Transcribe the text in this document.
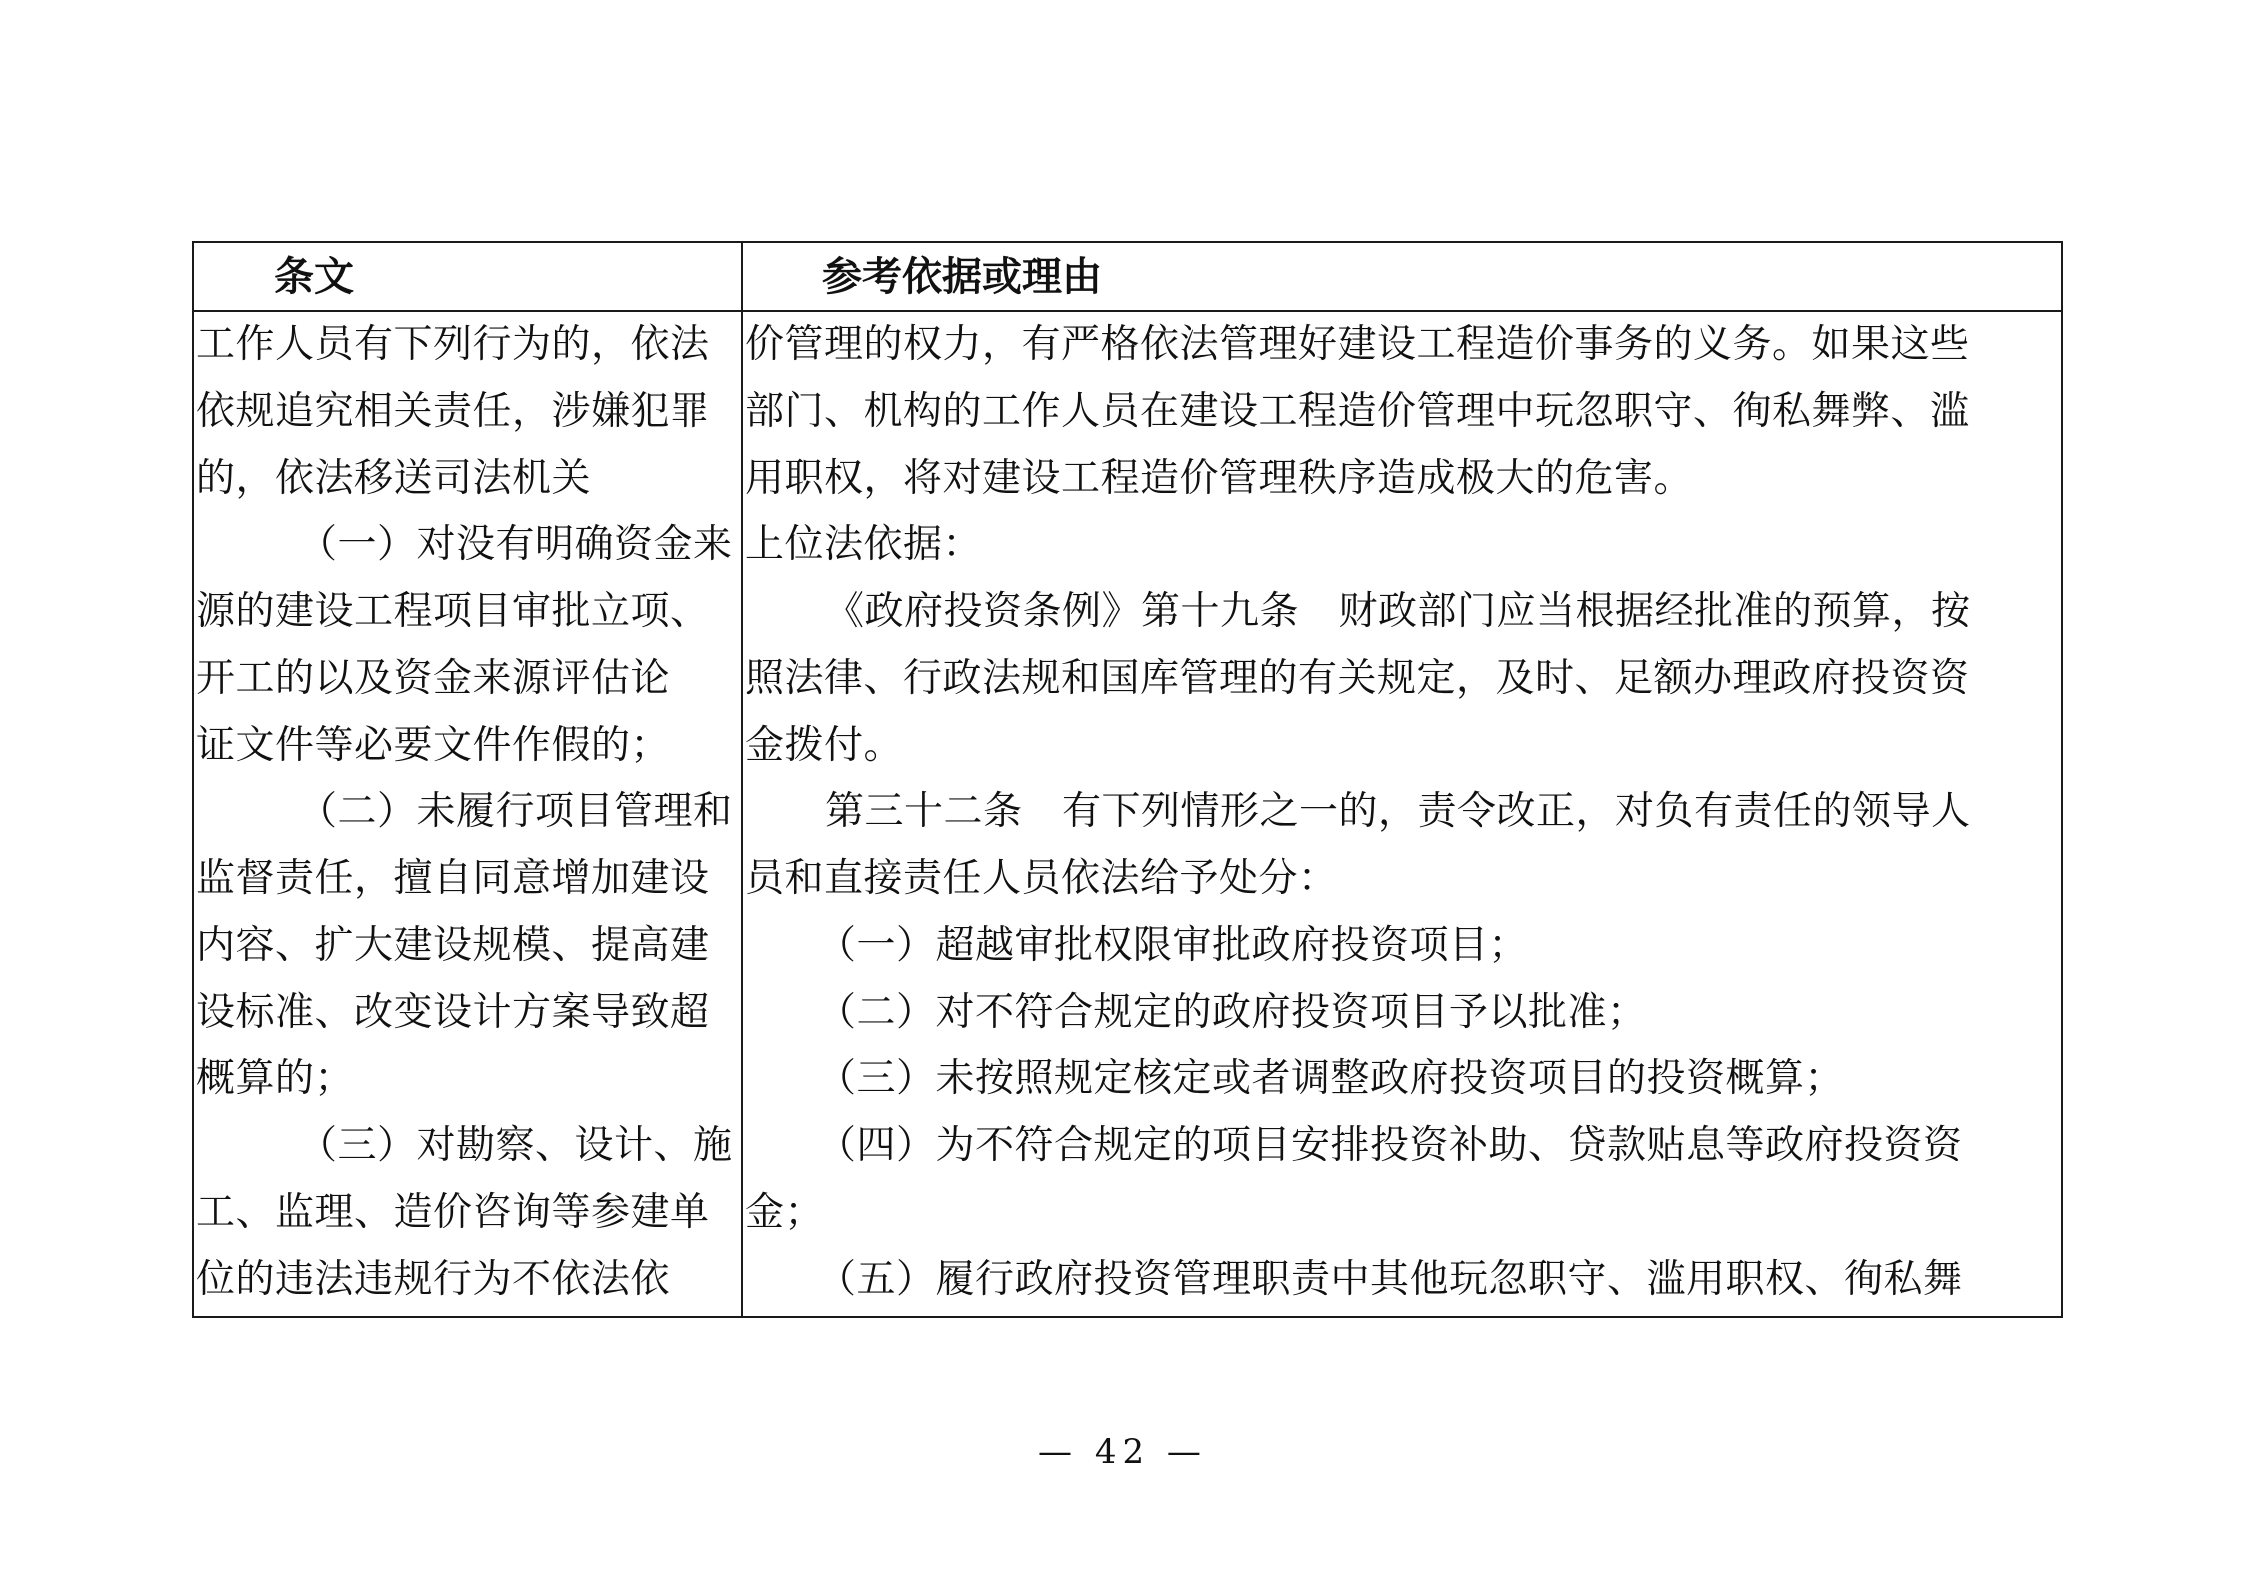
条文	参考依据或理由
工作人员有下列行为的，依法
依规追究相关责任，涉嫌犯罪
的，依法移送司法机关
（一）对没有明确资金来
源的建设工程项目审批立项、
开工的以及资金来源评估论
证文件等必要文件作假的；
（二）未履行项目管理和
监督责任，擅自同意增加建设
内容、扩大建设规模、提高建
设标准、改变设计方案导致超
概算的；
（三）对勘察、设计、施
工、监理、造价咨询等参建单
位的违法违规行为不依法依
价管理的权力，有严格依法管理好建设工程造价事务的义务。如果这些
部门、机构的工作人员在建设工程造价管理中玩忽职守、徇私舞弊、滥
用职权，将对建设工程造价管理秩序造成极大的危害。
上位法依据：
《政府投资条例》第十九条　财政部门应当根据经批准的预算，按
照法律、行政法规和国库管理的有关规定，及时、足额办理政府投资资
金拨付。
第三十二条　有下列情形之一的，责令改正，对负有责任的领导人
员和直接责任人员依法给予处分：
（一）超越审批权限审批政府投资项目；
（二）对不符合规定的政府投资项目予以批准；
（三）未按照规定核定或者调整政府投资项目的投资概算；
（四）为不符合规定的项目安排投资补助、贷款贴息等政府投资资
金；
（五）履行政府投资管理职责中其他玩忽职守、滥用职权、徇私舞
— 42 —
